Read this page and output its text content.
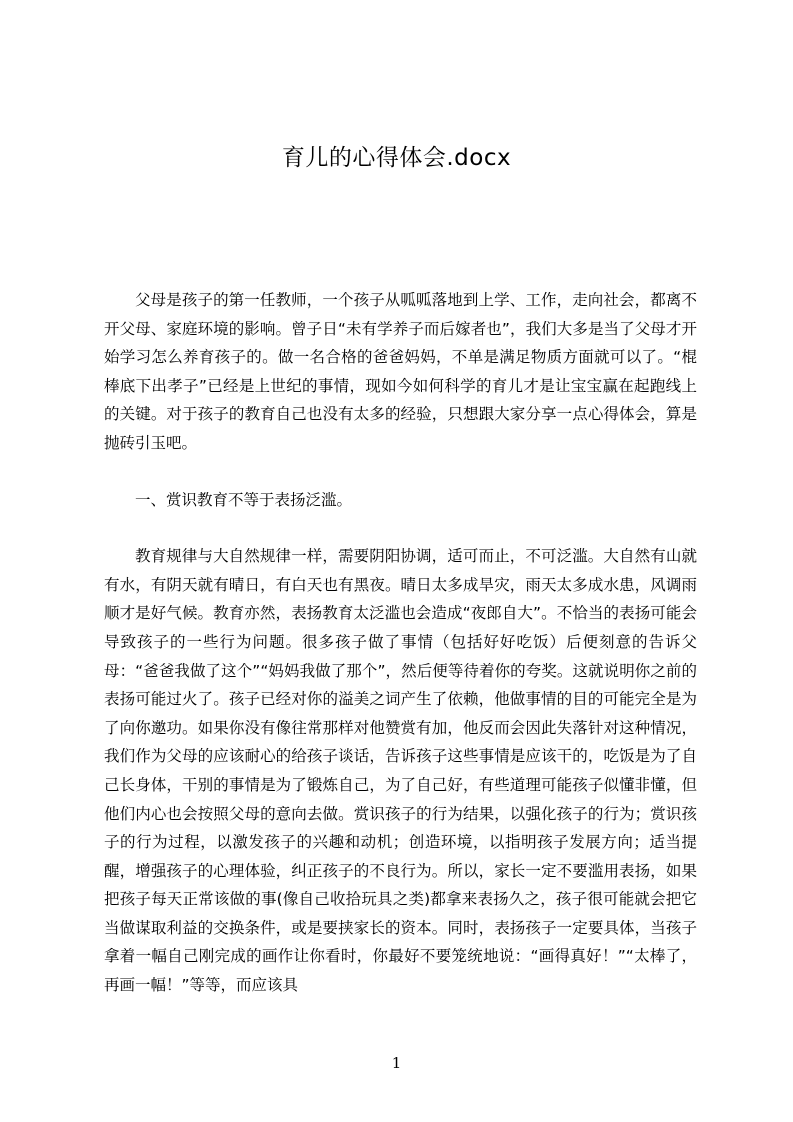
育儿的心得体会.docx

父母是孩子的第一任教师，一个孩子从呱呱落地到上学、工作，走向社会，都离不开父母、家庭环境的影响。曾子日“未有学养子而后嫁者也”，我们大多是当了父母才开始学习怎么养育孩子的。做一名合格的爸爸妈妈，不单是满足物质方面就可以了。“棍棒底下出孝子”已经是上世纪的事情，现如今如何科学的育儿才是让宝宝赢在起跑线上的关键。对于孩子的教育自己也没有太多的经验，只想跟大家分享一点心得体会，算是抛砖引玉吧。

一、赏识教育不等于表扬泛滥。

教育规律与大自然规律一样，需要阴阳协调，适可而止，不可泛滥。大自然有山就有水，有阴天就有晴日，有白天也有黑夜。晴日太多成旱灾，雨天太多成水患，风调雨顺才是好气候。教育亦然，表扬教育太泛滥也会造成“夜郎自大”。不恰当的表扬可能会导致孩子的一些行为问题。很多孩子做了事情（包括好好吃饭）后便刻意的告诉父母：“爸爸我做了这个”“妈妈我做了那个”，然后便等待着你的夸奖。这就说明你之前的表扬可能过火了。孩子已经对你的溢美之词产生了依赖，他做事情的目的可能完全是为了向你邀功。如果你没有像往常那样对他赞赏有加，他反而会因此失落针对这种情况，我们作为父母的应该耐心的给孩子谈话，告诉孩子这些事情是应该干的，吃饭是为了自己长身体，干别的事情是为了锻炼自己，为了自己好，有些道理可能孩子似懂非懂，但他们内心也会按照父母的意向去做。赏识孩子的行为结果，以强化孩子的行为；赏识孩子的行为过程，以激发孩子的兴趣和动机；创造环境，以指明孩子发展方向；适当提醒，增强孩子的心理体验，纠正孩子的不良行为。所以，家长一定不要滥用表扬，如果把孩子每天正常该做的事(像自己收拾玩具之类)都拿来表扬久之，孩子很可能就会把它当做谋取利益的交换条件，或是要挟家长的资本。同时，表扬孩子一定要具体，当孩子拿着一幅自己刚完成的画作让你看时，你最好不要笼统地说：“画得真好！”“太棒了，再画一幅！”等等，而应该具

1
